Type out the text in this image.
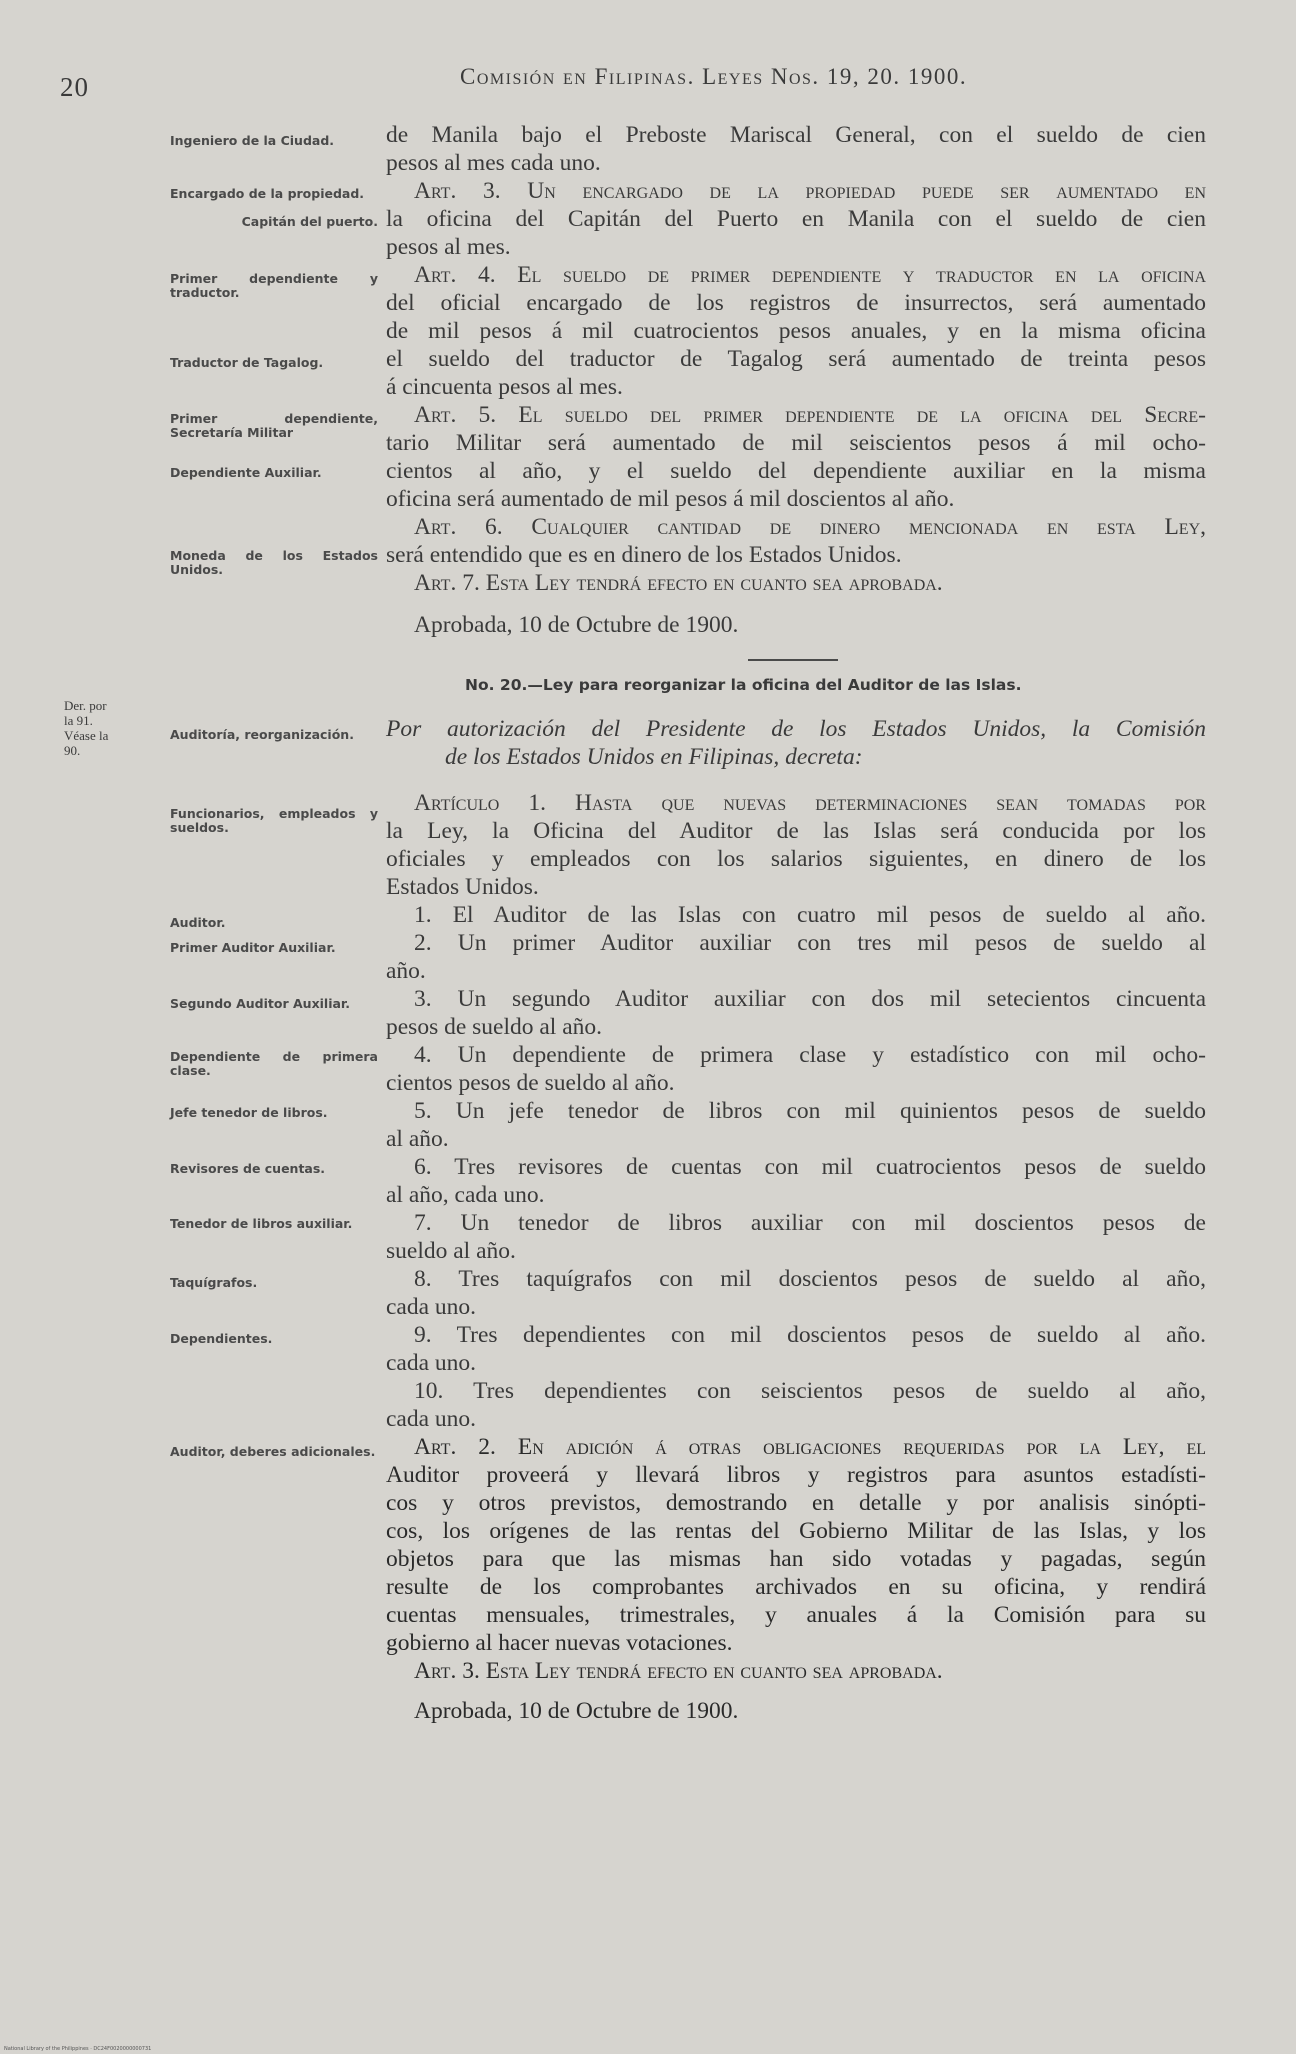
20	Comisión en Filipinas. Leyes Nos. 19, 20. 1900.
Der. por
la 91.
Véase la
90.
Ingeniero de la Ciudad.
Encargado de la propiedad.
Capitán del puerto.
Primer dependiente y traductor.
Traductor de Tagalog.
Primer dependiente, Secretaría Militar
Dependiente Auxiliar.
Moneda de los Estados Unidos.
Auditoría, reorganización.
Funcionarios, empleados y sueldos.
Auditor.
Primer Auditor Auxiliar.
Segundo Auditor Auxiliar.
Dependiente de primera clase.
Jefe tenedor de libros.
Revisores de cuentas.
Tenedor de libros auxiliar.
Taquígrafos.
Dependientes.
Auditor, deberes adicionales.
de Manila bajo el Preboste Mariscal General, con el sueldo de cien
pesos al mes cada uno.
Art. 3. Un encargado de la propiedad puede ser aumentado en
la oficina del Capitán del Puerto en Manila con el sueldo de cien
pesos al mes.
Art. 4. El sueldo de primer dependiente y traductor en la oficina
del oficial encargado de los registros de insurrectos, será aumentado
de mil pesos á mil cuatrocientos pesos anuales, y en la misma oficina
el sueldo del traductor de Tagalog será aumentado de treinta pesos
á cincuenta pesos al mes.
Art. 5. El sueldo del primer dependiente de la oficina del Secre-
tario Militar será aumentado de mil seiscientos pesos á mil ocho-
cientos al año, y el sueldo del dependiente auxiliar en la misma
oficina será aumentado de mil pesos á mil doscientos al año.
Art. 6. Cualquier cantidad de dinero mencionada en esta Ley,
será entendido que es en dinero de los Estados Unidos.
Art. 7. Esta Ley tendrá efecto en cuanto sea aprobada.
Aprobada, 10 de Octubre de 1900.
No. 20.—Ley para reorganizar la oficina del Auditor de las Islas.
Por autorización del Presidente de los Estados Unidos, la Comisión
de los Estados Unidos en Filipinas, decreta:
Artículo 1. Hasta que nuevas determinaciones sean tomadas por
la Ley, la Oficina del Auditor de las Islas será conducida por los
oficiales y empleados con los salarios siguientes, en dinero de los
Estados Unidos.
1. El Auditor de las Islas con cuatro mil pesos de sueldo al año.
2. Un primer Auditor auxiliar con tres mil pesos de sueldo al
año.
3. Un segundo Auditor auxiliar con dos mil setecientos cincuenta
pesos de sueldo al año.
4. Un dependiente de primera clase y estadístico con mil ocho-
cientos pesos de sueldo al año.
5. Un jefe tenedor de libros con mil quinientos pesos de sueldo
al año.
6. Tres revisores de cuentas con mil cuatrocientos pesos de sueldo
al año, cada uno.
7. Un tenedor de libros auxiliar con mil doscientos pesos de
sueldo al año.
8. Tres taquígrafos con mil doscientos pesos de sueldo al año,
cada uno.
9. Tres dependientes con mil doscientos pesos de sueldo al año.
cada uno.
10. Tres dependientes con seiscientos pesos de sueldo al año,
cada uno.
Art. 2. En adición á otras obligaciones requeridas por la Ley, el
Auditor proveerá y llevará libros y registros para asuntos estadísti-
cos y otros previstos, demostrando en detalle y por analisis sinópti-
cos, los orígenes de las rentas del Gobierno Militar de las Islas, y los
objetos para que las mismas han sido votadas y pagadas, según
resulte de los comprobantes archivados en su oficina, y rendirá
cuentas mensuales, trimestrales, y anuales á la Comisión para su
gobierno al hacer nuevas votaciones.
Art. 3. Esta Ley tendrá efecto en cuanto sea aprobada.
Aprobada, 10 de Octubre de 1900.
National Library of the Philippines · DC24F0020000000731
